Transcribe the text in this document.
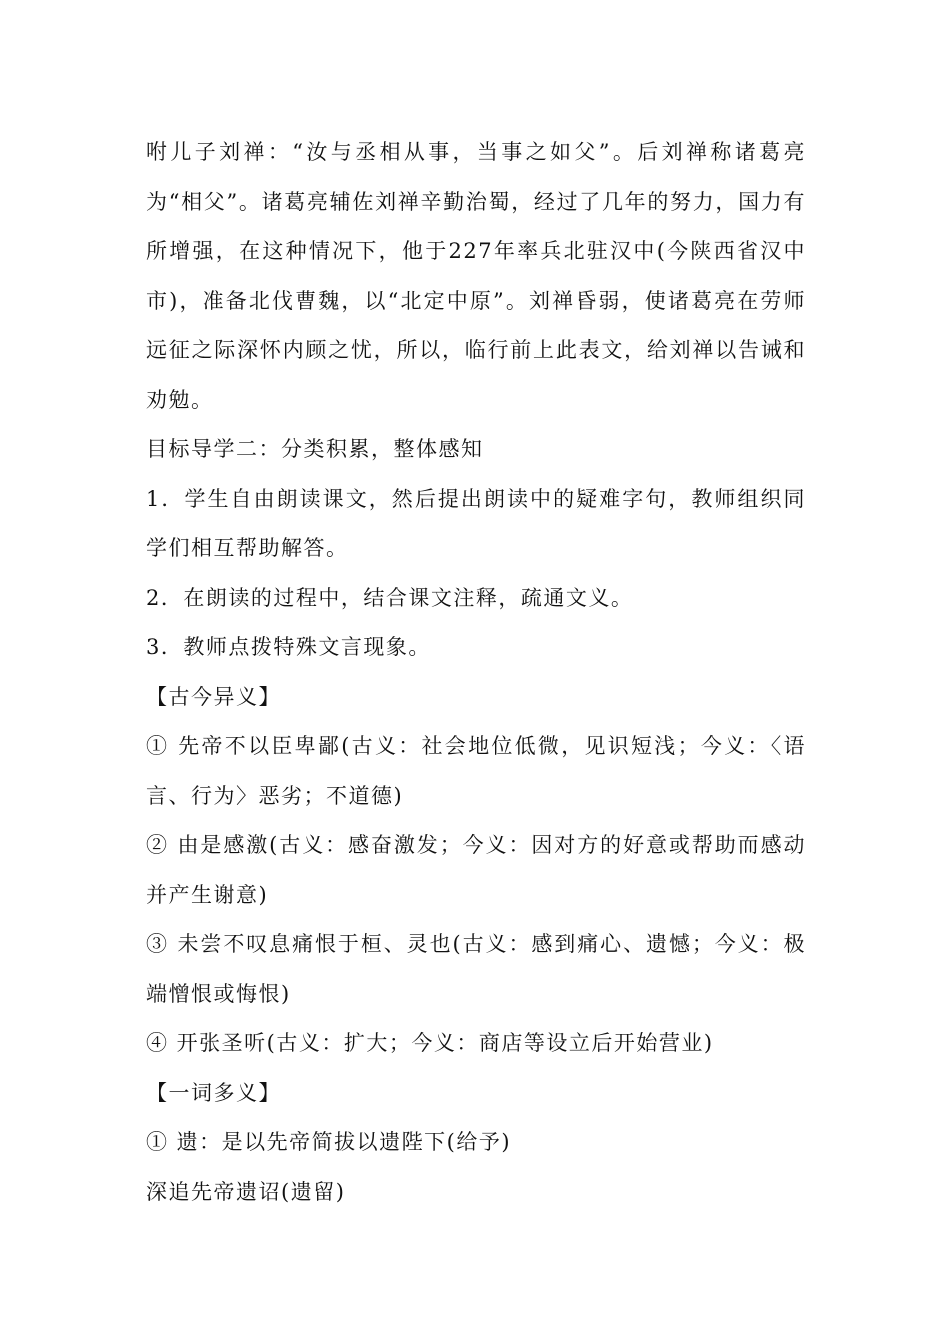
咐儿子刘禅：“汝与丞相从事，当事之如父”。后刘禅称诸葛亮为“相父”。诸葛亮辅佐刘禅辛勤治蜀，经过了几年的努力，国力有所增强，在这种情况下，他于227年率兵北驻汉中(今陕西省汉中市)，准备北伐曹魏，以“北定中原”。刘禅昏弱，使诸葛亮在劳师远征之际深怀内顾之忧，所以，临行前上此表文，给刘禅以告诫和劝勉。

目标导学二：分类积累，整体感知

1．学生自由朗读课文，然后提出朗读中的疑难字句，教师组织同学们相互帮助解答。

2．在朗读的过程中，结合课文注释，疏通文义。

3．教师点拨特殊文言现象。

【古今异义】

① 先帝不以臣卑鄙(古义：社会地位低微，见识短浅；今义：〈语言、行为〉恶劣；不道德)

② 由是感激(古义：感奋激发；今义：因对方的好意或帮助而感动并产生谢意)

③ 未尝不叹息痛恨于桓、灵也(古义：感到痛心、遗憾；今义：极端憎恨或悔恨)

④ 开张圣听(古义：扩大；今义：商店等设立后开始营业)

【一词多义】

① 遗：是以先帝简拔以遗陛下(给予)

深追先帝遗诏(遗留)
